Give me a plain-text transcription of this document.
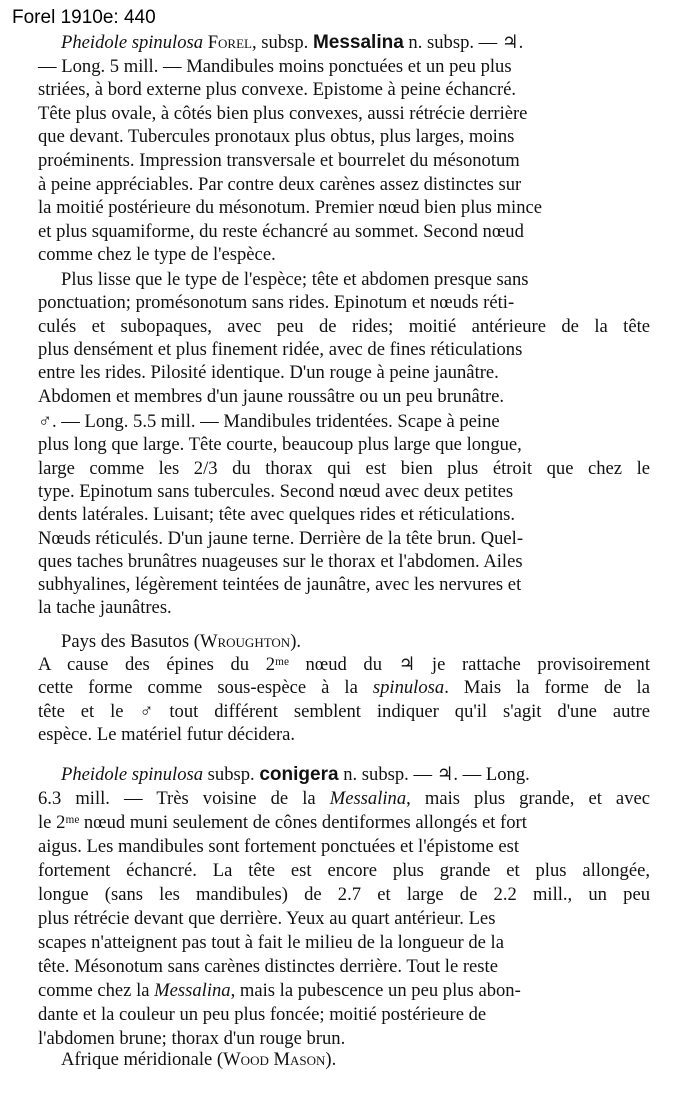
Forel 1910e: 440
Pheidole spinulosa Forel, subsp. Messalina n. subsp. — ♃.
— Long. 5 mill. — Mandibules moins ponctuées et un peu plus
striées, à bord externe plus convexe. Epistome à peine échancré.
Tête plus ovale, à côtés bien plus convexes, aussi rétrécie derrière
que devant. Tubercules pronotaux plus obtus, plus larges, moins
proéminents. Impression transversale et bourrelet du mésonotum
à peine appréciables. Par contre deux carènes assez distinctes sur
la moitié postérieure du mésonotum. Premier nœud bien plus mince
et plus squamiforme, du reste échancré au sommet. Second nœud
comme chez le type de l'espèce.
Plus lisse que le type de l'espèce; tête et abdomen presque sans
ponctuation; promésonotum sans rides. Epinotum et nœuds réti-
culés et subopaques, avec peu de rides; moitié antérieure de la tête
plus densément et plus finement ridée, avec de fines réticulations
entre les rides. Pilosité identique. D'un rouge à peine jaunâtre.
Abdomen et membres d'un jaune roussâtre ou un peu brunâtre.
♂. — Long. 5.5 mill. — Mandibules tridentées. Scape à peine
plus long que large. Tête courte, beaucoup plus large que longue,
large comme les 2/3 du thorax qui est bien plus étroit que chez le
type. Epinotum sans tubercules. Second nœud avec deux petites
dents latérales. Luisant; tête avec quelques rides et réticulations.
Nœuds réticulés. D'un jaune terne. Derrière de la tête brun. Quel-
ques taches brunâtres nuageuses sur le thorax et l'abdomen. Ailes
subhyalines, légèrement teintées de jaunâtre, avec les nervures et
la tache jaunâtres.
Pays des Basutos (Wroughton).
A cause des épines du 2ᵐᵉ nœud du ♃ je rattache provisoirement
cette forme comme sous-espèce à la spinulosa. Mais la forme de la
tête et le ♂ tout différent semblent indiquer qu'il s'agit d'une autre
espèce. Le matériel futur décidera.
Pheidole spinulosa subsp. conigera n. subsp. — ♃. — Long.
6.3 mill. — Très voisine de la Messalina, mais plus grande, et avec
le 2ᵐᵉ nœud muni seulement de cônes dentiformes allongés et fort
aigus. Les mandibules sont fortement ponctuées et l'épistome est
fortement échancré. La tête est encore plus grande et plus allongée,
longue (sans les mandibules) de 2.7 et large de 2.2 mill., un peu
plus rétrécie devant que derrière. Yeux au quart antérieur. Les
scapes n'atteignent pas tout à fait le milieu de la longueur de la
tête. Mésonotum sans carènes distinctes derrière. Tout le reste
comme chez la Messalina, mais la pubescence un peu plus abon-
dante et la couleur un peu plus foncée; moitié postérieure de
l'abdomen brune; thorax d'un rouge brun.
Afrique méridionale (Wood Mason).
